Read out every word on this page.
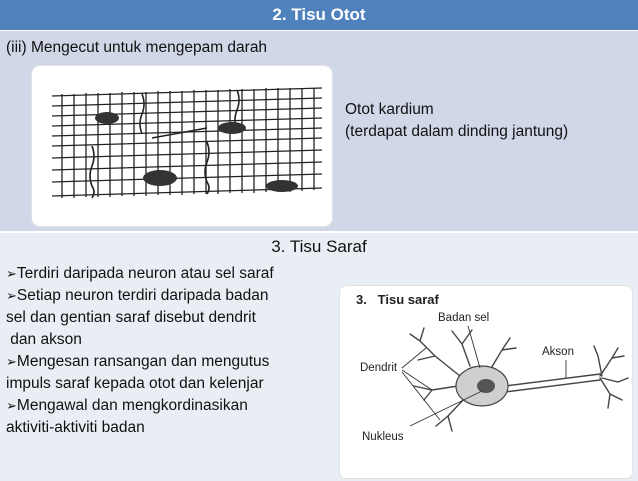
2. Tisu Otot
(iii) Mengecut untuk mengepam darah
Otot kardium
(terdapat dalam dinding jantung)
3. Tisu Saraf
➢Terdiri daripada neuron atau sel saraf
➢Setiap neuron terdiri daripada badan
sel dan gentian saraf disebut dendrit
dan akson
➢Mengesan ransangan dan mengutus
impuls saraf kepada otot dan kelenjar
➢Mengawal dan mengkordinasikan
aktiviti-aktiviti badan
3.   Tisu saraf
Badan sel
Akson
Dendrit
Nukleus
